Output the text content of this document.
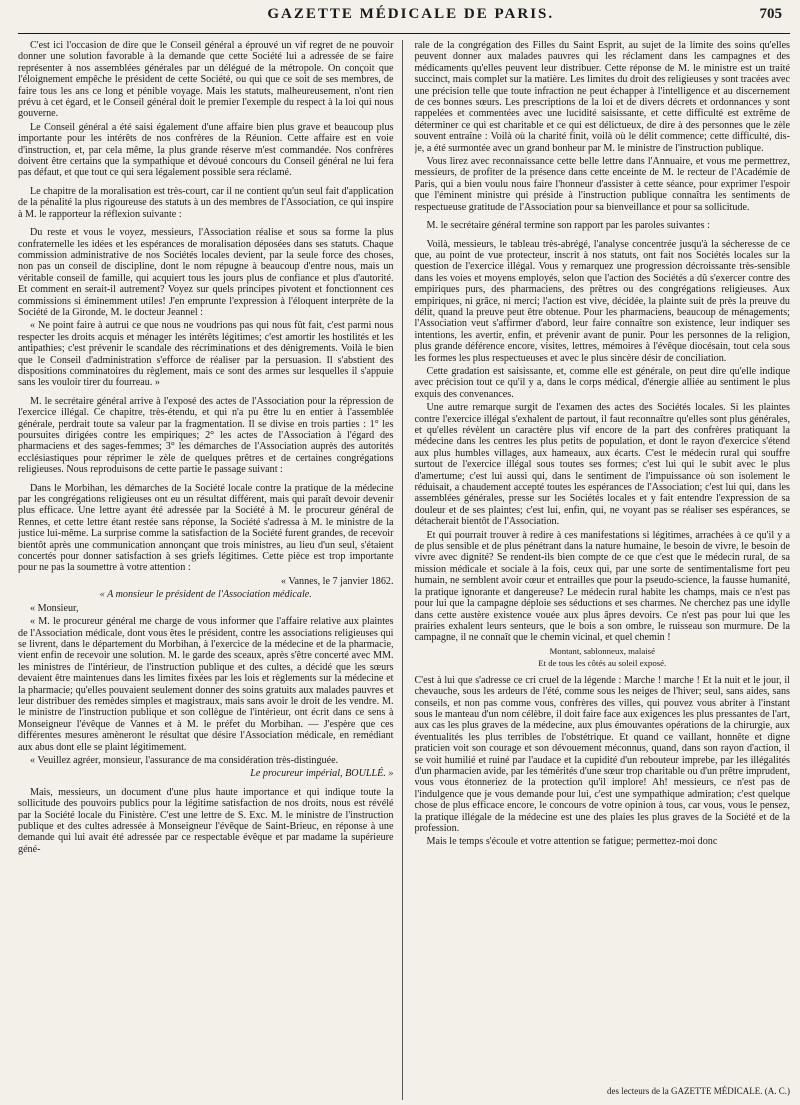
GAZETTE MÉDICALE DE PARIS.	705

C'est ici l'occasion de dire que le Conseil général a éprouvé un vif regret de ne pouvoir donner une solution favorable à la demande que cette Société lui a adressée de se faire représenter à nos assemblées générales par un délégué de la métropole. On conçoit que l'éloignement empêche le président de cette Société, ou qui que ce soit de ses membres, de faire tous les ans ce long et pénible voyage. Mais les statuts, malheureusement, n'ont rien prévu à cet égard, et le Conseil général doit le premier l'exemple du respect à la loi qui nous gouverne.

Le Conseil général a été saisi également d'une affaire bien plus grave et beaucoup plus importante pour les intérêts de nos confrères de la Réunion. Cette affaire est en voie d'instruction, et, par cela même, la plus grande réserve m'est commandée. Nos confrères doivent être certains que la sympathique et dévoué concours du Conseil général ne lui fera pas défaut, et que tout ce qui sera légalement possible sera réclamé.

Le chapitre de la moralisation est très-court, car il ne contient qu'un seul fait d'application de la pénalité la plus rigoureuse des statuts à un des membres de l'Association, ce qui inspire à M. le rapporteur la réflexion suivante :

Du reste et vous le voyez, messieurs, l'Association réalise et sous sa forme la plus confraternelle les idées et les espérances de moralisation déposées dans ses statuts. Chaque commission administrative de nos Sociétés locales devient, par la seule force des choses, non pas un conseil de discipline, dont le nom répugne à beaucoup d'entre nous, mais un véritable conseil de famille, qui acquiert tous les jours plus de confiance et plus d'autorité. Et comment en serait-il autrement? Voyez sur quels principes pivotent et fonctionnent ces commissions si éminemment utiles! J'en emprunte l'expression à l'éloquent interprète de la Société de la Gironde, M. le docteur Jeannel :

« Ne point faire à autrui ce que nous ne voudrions pas qui nous fût fait, c'est parmi nous respecter les droits acquis et ménager les intérêts légitimes; c'est amortir les hostilités et les antipathies; c'est prévenir le scandale des récriminations et des dénigrements. Voilà le bien que le Conseil d'administration s'efforce de réaliser par la persuasion. Il s'abstient des dispositions comminatoires du règlement, mais ce sont des armes sur lesquelles il s'appuie sans les vouloir tirer du fourreau. »

M. le secrétaire général arrive à l'exposé des actes de l'Association pour la répression de l'exercice illégal. Ce chapitre, très-étendu, et qui n'a pu être lu en entier à l'assemblée générale, perdrait toute sa valeur par la fragmentation. Il se divise en trois parties : 1° les poursuites dirigées contre les empiriques; 2° les actes de l'Association à l'égard des pharmaciens et des sages-femmes; 3° les démarches de l'Association auprès des autorités ecclésiastiques pour réprimer le zèle de quelques prêtres et de certaines congrégations religieuses. Nous reproduisons de cette partie le passage suivant :

Dans le Morbihan, les démarches de la Société locale contre la pratique de la médecine par les congrégations religieuses ont eu un résultat différent, mais qui paraît devoir devenir plus efficace. Une lettre ayant été adressée par la Société à M. le procureur général de Rennes, et cette lettre étant restée sans réponse, la Société s'adressa à M. le ministre de la justice lui-même. La surprise comme la satisfaction de la Société furent grandes, de recevoir bientôt après une communication annonçant que trois ministres, au lieu d'un seul, s'étaient concertés pour donner satisfaction à ses griefs légitimes. Cette pièce est trop importante pour ne pas la soumettre à votre attention :

« Vannes, le 7 janvier 1862.

« A monsieur le président de l'Association médicale.

« Monsieur,

« M. le procureur général me charge de vous informer que l'affaire relative aux plaintes de l'Association médicale, dont vous êtes le président, contre les associations religieuses qui se livrent, dans le département du Morbihan, à l'exercice de la médecine et de la pharmacie, vient enfin de recevoir une solution. M. le garde des sceaux, après s'être concerté avec MM. les ministres de l'intérieur, de l'instruction publique et des cultes, a décidé que les sœurs devaient être maintenues dans les limites fixées par les lois et règlements sur la médecine et la pharmacie; qu'elles pouvaient seulement donner des soins gratuits aux malades pauvres et leur distribuer des remèdes simples et magistraux, mais sans avoir le droit de les vendre. M. le ministre de l'instruction publique et son collègue de l'intérieur, ont écrit dans ce sens à Monseigneur l'évêque de Vannes et à M. le préfet du Morbihan. — J'espère que ces différentes mesures amèneront le résultat que désire l'Association médicale, en remédiant aux abus dont elle se plaint légitimement.

« Veuillez agréer, monsieur, l'assurance de ma considération très-distinguée.

Le procureur impérial, BOULLÉ. »

Mais, messieurs, un document d'une plus haute importance et qui indique toute la sollicitude des pouvoirs publics pour la légitime satisfaction de nos droits, nous est révélé par la Société locale du Finistère. C'est une lettre de S. Exc. M. le ministre de l'instruction publique et des cultes adressée à Monseigneur l'évêque de Saint-Brieuc, en réponse à une demande qui lui avait été adressée par ce respectable évêque et par madame la supérieure géné-

rale de la congrégation des Filles du Saint Esprit, au sujet de la limite des soins qu'elles peuvent donner aux malades pauvres qui les réclament dans les campagnes et des médicaments qu'elles peuvent leur distribuer. Cette réponse de M. le ministre est un traité succinct, mais complet sur la matière. Les limites du droit des religieuses y sont tracées avec une précision telle que toute infraction ne peut échapper à l'intelligence et au discernement de ces bonnes sœurs. Les prescriptions de la loi et de divers décrets et ordonnances y sont rappelées et commentées avec une lucidité saisissante, et cette difficulté est extrême de déterminer ce qui est charitable et ce qui est délictueux, de dire à des personnes que le zèle souvent entraîne : Voilà où la charité finit, voilà où le délit commence; cette difficulté, dis-je, a été surmontée avec un grand bonheur par M. le ministre de l'instruction publique.

Vous lirez avec reconnaissance cette belle lettre dans l'Annuaire, et vous me permettrez, messieurs, de profiter de la présence dans cette enceinte de M. le recteur de l'Académie de Paris, qui a bien voulu nous faire l'honneur d'assister à cette séance, pour exprimer l'espoir que l'éminent ministre qui préside à l'instruction publique connaîtra les sentiments de respectueuse gratitude de l'Association pour sa bienveillance et pour sa sollicitude.

M. le secrétaire général termine son rapport par les paroles suivantes :

Voilà, messieurs, le tableau très-abrégé, l'analyse concentrée jusqu'à la sécheresse de ce que, au point de vue protecteur, inscrit à nos statuts, ont fait nos Sociétés locales sur la question de l'exercice illégal. Vous y remarquez une progression décroissante très-sensible dans les voies et moyens employés, selon que l'action des Sociétés a dû s'exercer contre des empiriques purs, des pharmaciens, des prêtres ou des congrégations religieuses. Aux empiriques, ni grâce, ni merci; l'action est vive, décidée, la plainte suit de près la preuve du délit, quand la preuve peut être obtenue. Pour les pharmaciens, beaucoup de ménagements; l'Association veut s'affirmer d'abord, leur faire connaître son existence, leur indiquer ses intentions, les avertir, enfin, et prévenir avant de punir. Pour les personnes de la religion, plus grande déférence encore, visites, lettres, mémoires à l'évêque diocésain, tout cela sous les formes les plus respectueuses et avec le plus sincère désir de conciliation.

Cette gradation est saisissante, et, comme elle est générale, on peut dire qu'elle indique avec précision tout ce qu'il y a, dans le corps médical, d'énergie alliée au sentiment le plus exquis des convenances.

Une autre remarque surgit de l'examen des actes des Sociétés locales. Si les plaintes contre l'exercice illégal s'exhalent de partout, il faut reconnaître qu'elles sont plus générales, et qu'elles révèlent un caractère plus vif encore de la part des confrères pratiquant la médecine dans les centres les plus petits de population, et dont le rayon d'exercice s'étend aux plus humbles villages, aux hameaux, aux écarts. C'est le médecin rural qui souffre surtout de l'exercice illégal sous toutes ses formes; c'est lui qui le subit avec le plus d'amertume; c'est lui aussi qui, dans le sentiment de l'impuissance où son isolement le réduisait, a chaudement accepté toutes les espérances de l'Association; c'est lui qui, dans les assemblées générales, presse sur les Sociétés locales et y fait entendre l'expression de sa douleur et de ses plaintes; c'est lui, enfin, qui, ne voyant pas se réaliser ses espérances, se détacherait bientôt de l'Association.

Et qui pourrait trouver à redire à ces manifestations si légitimes, arrachées à ce qu'il y a de plus sensible et de plus pénétrant dans la nature humaine, le besoin de vivre, le besoin de vivre avec dignité? Se rendent-ils bien compte de ce que c'est que le médecin rural, de sa mission médicale et sociale à la fois, ceux qui, par une sorte de sentimentalisme fort peu humain, ne semblent avoir cœur et entrailles que pour la pseudo-science, la fausse humanité, la pratique ignorante et dangereuse? Le médecin rural habite les champs, mais ce n'est pas pour lui que la campagne déploie ses séductions et ses charmes. Ne cherchez pas une idylle dans cette austère existence vouée aux plus âpres devoirs. Ce n'est pas pour lui que les prairies exhalent leurs senteurs, que le bois a son ombre, le ruisseau son murmure. De la campagne, il ne connaît que le chemin vicinal, et quel chemin !

Montant, sablonneux, malaisé

Et de tous les côtés au soleil exposé.

C'est à lui que s'adresse ce cri cruel de la légende : Marche ! marche ! Et la nuit et le jour, il chevauche, sous les ardeurs de l'été, comme sous les neiges de l'hiver; seul, sans aides, sans conseils, et non pas comme vous, confrères des villes, qui pouvez vous abriter à l'instant sous le manteau d'un nom célèbre, il doit faire face aux exigences les plus pressantes de l'art, aux cas les plus graves de la médecine, aux plus émouvantes opérations de la chirurgie, aux éventualités les plus terribles de l'obstétrique. Et quand ce vaillant, honnête et digne praticien voit son courage et son dévouement méconnus, quand, dans son rayon d'action, il se voit humilié et ruiné par l'audace et la cupidité d'un rebouteur imprebe, par les illégalités d'un pharmacien avide, par les témérités d'une sœur trop charitable ou d'un prêtre imprudent, vous vous étonneriez de la protection qu'il implore! Ah! messieurs, ce n'est pas de l'indulgence que je vous demande pour lui, c'est une sympathique admiration; c'est quelque chose de plus efficace encore, le concours de votre opinion à tous, car vous, vous le pensez, la pratique illégale de la médecine est une des plaies les plus graves de la Société et de la profession.

Mais le temps s'écoule et votre attention se fatigue; permettez-moi donc

des lecteurs de la GAZETTE MÉDICALE. (A. C.)
